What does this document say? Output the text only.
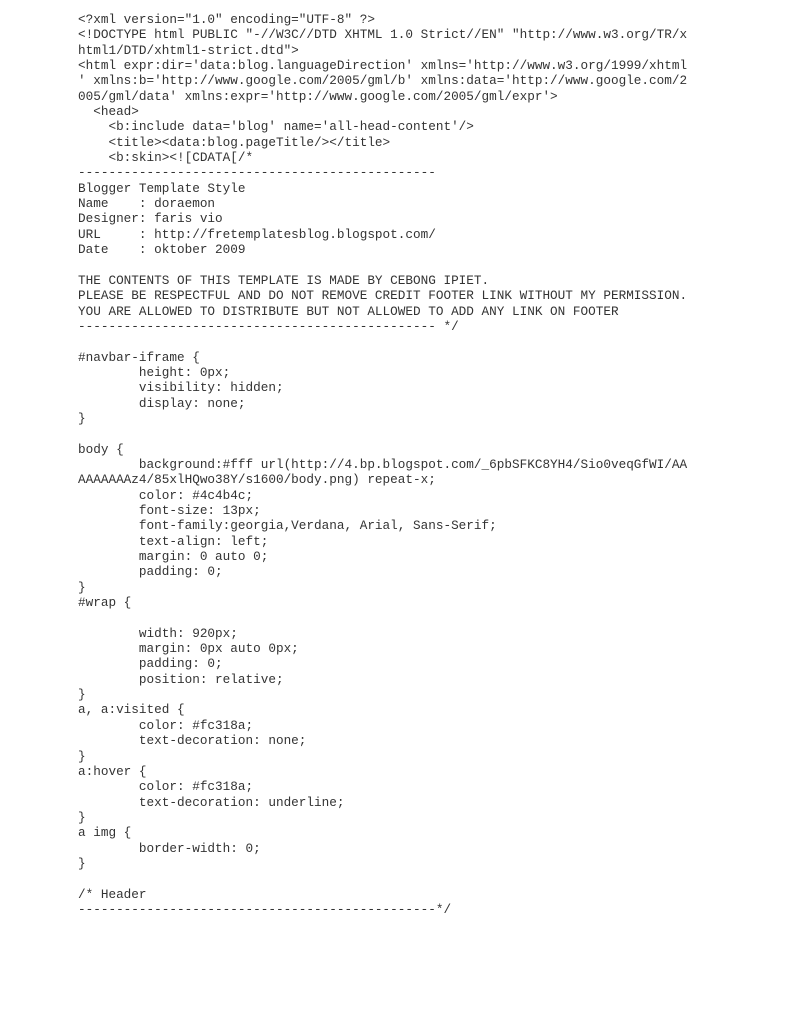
<?xml version="1.0" encoding="UTF-8" ?>
<!DOCTYPE html PUBLIC "-//W3C//DTD XHTML 1.0 Strict//EN" "http://www.w3.org/TR/x
html1/DTD/xhtml1-strict.dtd">
<html expr:dir='data:blog.languageDirection' xmlns='http://www.w3.org/1999/xhtml
' xmlns:b='http://www.google.com/2005/gml/b' xmlns:data='http://www.google.com/2
005/gml/data' xmlns:expr='http://www.google.com/2005/gml/expr'>
<head>
<b:include data='blog' name='all-head-content'/>
<title><data:blog.pageTitle/></title>
<b:skin><![CDATA[/*
-----------------------------------------------
Blogger Template Style
Name    : doraemon
Designer: faris vio
URL     : http://fretemplatesblog.blogspot.com/
Date    : oktober 2009
THE CONTENTS OF THIS TEMPLATE IS MADE BY CEBONG IPIET.
PLEASE BE RESPECTFUL AND DO NOT REMOVE CREDIT FOOTER LINK WITHOUT MY PERMISSION.
YOU ARE ALLOWED TO DISTRIBUTE BUT NOT ALLOWED TO ADD ANY LINK ON FOOTER
----------------------------------------------- */
#navbar-iframe {
height: 0px;
visibility: hidden;
display: none;
}
body {
background:#fff url(http://4.bp.blogspot.com/_6pbSFKC8YH4/Sio0veqGfWI/AA
AAAAAAAz4/85xlHQwo38Y/s1600/body.png) repeat-x;
color: #4c4b4c;
font-size: 13px;
font-family:georgia,Verdana, Arial, Sans-Serif;
text-align: left;
margin: 0 auto 0;
padding: 0;
}
#wrap {
width: 920px;
margin: 0px auto 0px;
padding: 0;
position: relative;
}
a, a:visited {
color: #fc318a;
text-decoration: none;
}
a:hover {
color: #fc318a;
text-decoration: underline;
}
a img {
border-width: 0;
}
/* Header
-----------------------------------------------*/
